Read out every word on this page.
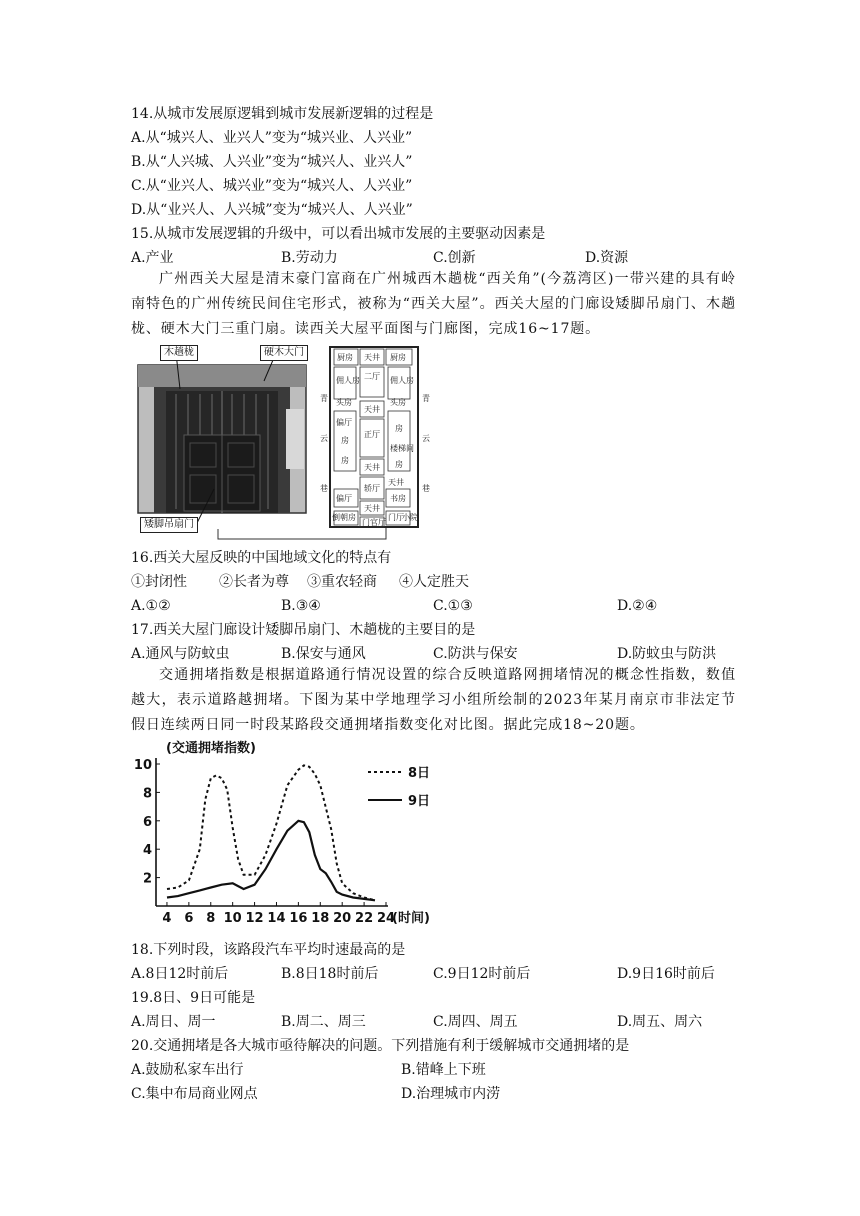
14.从城市发展原逻辑到城市发展新逻辑的过程是
A.从“城兴人、业兴人”变为“城兴业、人兴业”
B.从“人兴城、人兴业”变为“城兴人、业兴人”
C.从“业兴人、城兴业”变为“城兴人、人兴业”
D.从“业兴人、人兴城”变为“城兴人、人兴业”
15.从城市发展逻辑的升级中，可以看出城市发展的主要驱动因素是
A.产业	B.劳动力	C.创新	D.资源
广州西关大屋是清末豪门富商在广州城西木趟栊“西关角”(今荔湾区)一带兴建的具有岭南特色的广州传统民间住宅形式，被称为“西关大屋”。西关大屋的门廊设矮脚吊扇门、木趟栊、硬木大门三重门扇。读西关大屋平面图与门廊图，完成16~17题。
厨房 天井 厨房
佣人房 二厅 佣人房
天井
头房	头房
偏厅
房
正厅
房
天井
房
楼梯间
房
天井
书房
偏厅
轿厅
门厅
天井
小院
倒朝房
门官厅
青
云
巷
青
云
巷
木趟栊	硬木大门
矮脚吊扇门
16.西关大屋反映的中国地域文化的特点有
①封闭性 ②长者为尊 ③重农轻商 ④人定胜天
A.①②	B.③④	C.①③	D.②④
17.西关大屋门廊设计矮脚吊扇门、木趟栊的主要目的是
A.通风与防蚊虫	B.保安与通风	C.防洪与保安	D.防蚊虫与防洪
交通拥堵指数是根据道路通行情况设置的综合反映道路网拥堵情况的概念性指数，数值越大，表示道路越拥堵。下图为某中学地理学习小组所绘制的2023年某月南京市非法定节假日连续两日同一时段某路段交通拥堵指数变化对比图。据此完成18~20题。
4 6 8 10 12 14 16 18 20 22 24
2
4
6
8
10
(交通拥堵指数)
(时间)
8日
9日
18.下列时段，该路段汽车平均时速最高的是
A.8日12时前后	B.8日18时前后	C.9日12时前后	D.9日16时前后
19.8日、9日可能是
A.周日、周一	B.周二、周三	C.周四、周五	D.周五、周六
20.交通拥堵是各大城市亟待解决的问题。下列措施有利于缓解城市交通拥堵的是
A.鼓励私家车出行	B.错峰上下班
C.集中布局商业网点	D.治理城市内涝
